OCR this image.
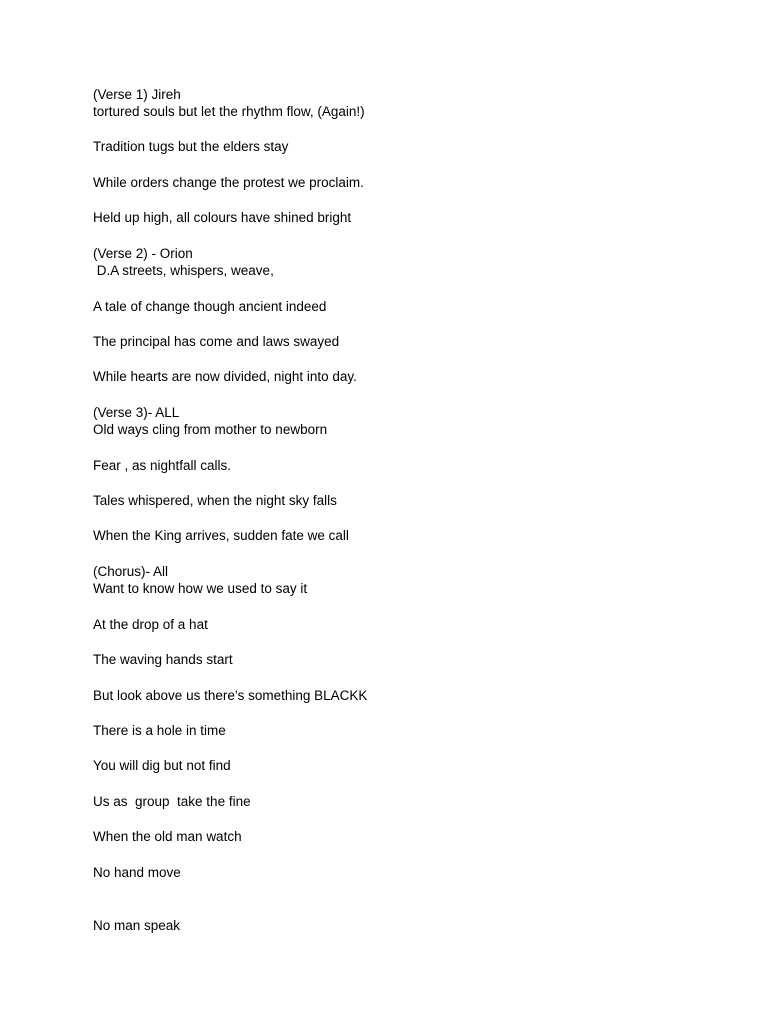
(Verse 1) Jireh

tortured souls but let the rhythm flow, (Again!)

Tradition tugs but the elders stay

While orders change the protest we proclaim.

Held up high, all colours have shined bright

(Verse 2) - Orion

D.A streets, whispers, weave,

A tale of change though ancient indeed

The principal has come and laws swayed

While hearts are now divided, night into day.

(Verse 3)- ALL

Old ways cling from mother to newborn

Fear , as nightfall calls.

Tales whispered, when the night sky falls

When the King arrives, sudden fate we call

(Chorus)- All

Want to know how we used to say it

At the drop of a hat

The waving hands start

But look above us there’s something BLACKK

There is a hole in time

You will dig but not find

Us as  group  take the fine

When the old man watch

No hand move

No man speak
